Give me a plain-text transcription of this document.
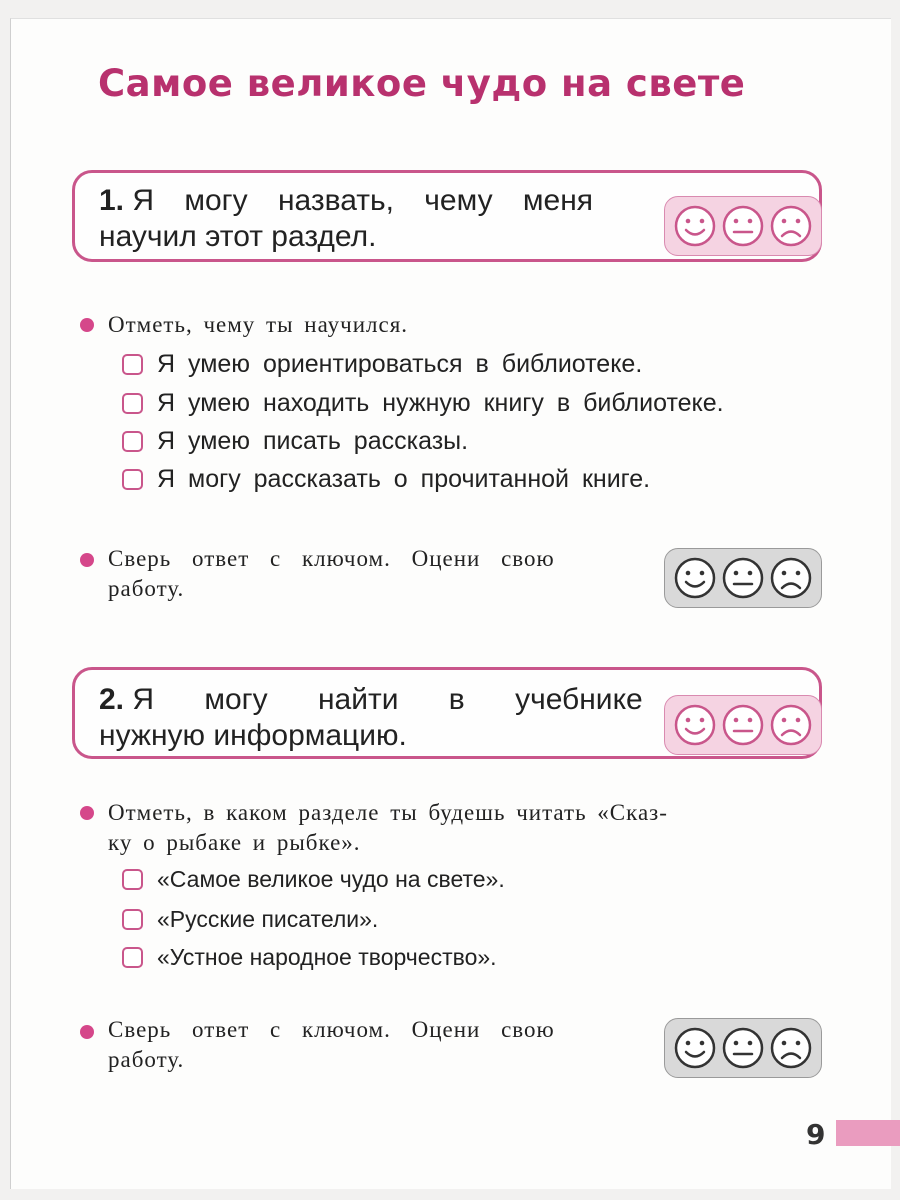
Самое великое чудо на свете
1. Я могу назвать, чему меня
научил этот раздел.
Отметь, чему ты научился.
Я умею ориентироваться в библиотеке.
Я умею находить нужную книгу в библиотеке.
Я умею писать рассказы.
Я могу рассказать о прочитанной книге.
Сверь ответ с ключом. Оцени свою
работу.
2. Я могу найти в учебнике
нужную информацию.
Отметь, в каком разделе ты будешь читать «Сказ-
ку о рыбаке и рыбке».
«Самое великое чудо на свете».
«Русские писатели».
«Устное народное творчество».
Сверь ответ с ключом. Оцени свою
работу.
9
